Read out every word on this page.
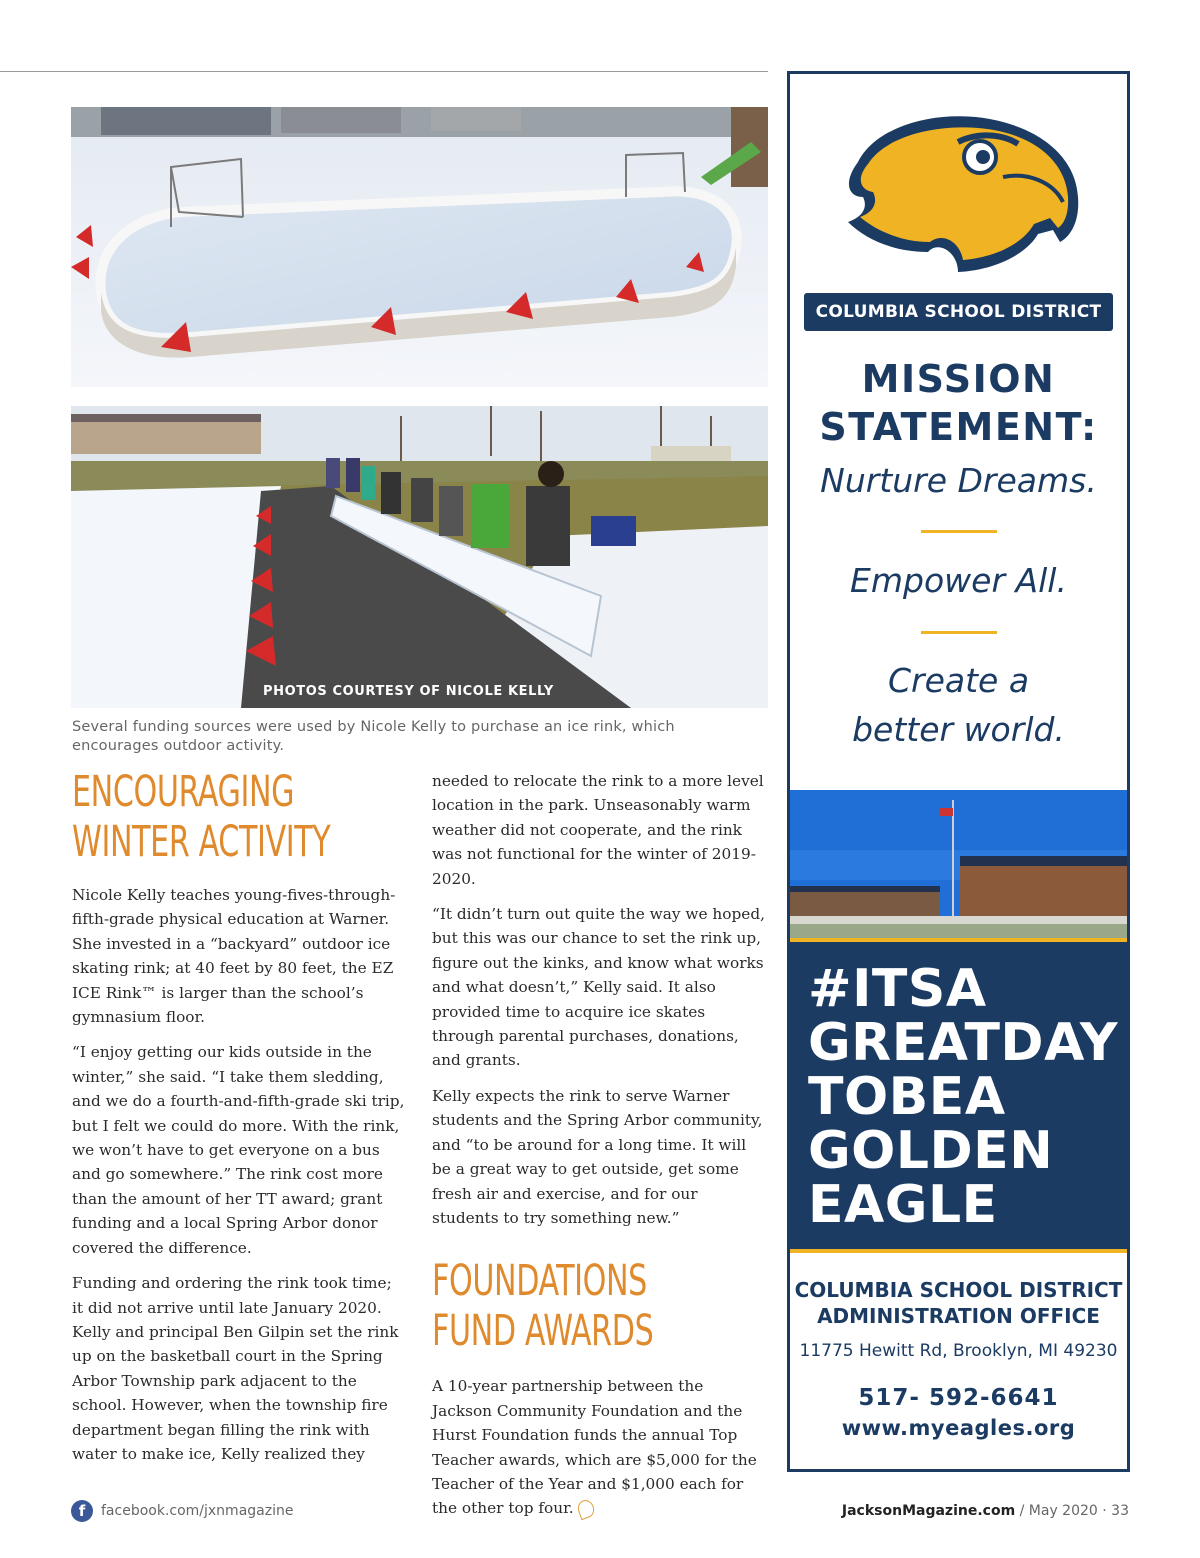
PHOTOS COURTESY OF NICOLE KELLY
Several funding sources were used by Nicole Kelly to purchase an ice rink, which encourages outdoor activity.
ENCOURAGING
WINTER ACTIVITY

Nicole Kelly teaches young-fives-through-fifth-grade physical education at Warner. She invested in a “backyard” outdoor ice skating rink; at 40 feet by 80 feet, the EZ ICE Rink™ is larger than the school’s gymnasium floor.

“I enjoy getting our kids outside in the winter,” she said. “I take them sledding, and we do a fourth-and-fifth-grade ski trip, but I felt we could do more. With the rink, we won’t have to get everyone on a bus and go somewhere.” The rink cost more than the amount of her TT award; grant funding and a local Spring Arbor donor covered the difference.

Funding and ordering the rink took time; it did not arrive until late January 2020. Kelly and principal Ben Gilpin set the rink up on the basketball court in the Spring Arbor Township park adjacent to the school. However, when the township fire department began filling the rink with water to make ice, Kelly realized they

needed to relocate the rink to a more level location in the park. Unseasonably warm weather did not cooperate, and the rink was not functional for the winter of 2019-2020.

“It didn’t turn out quite the way we hoped, but this was our chance to set the rink up, figure out the kinks, and know what works and what doesn’t,” Kelly said. It also provided time to acquire ice skates through parental purchases, donations, and grants.

Kelly expects the rink to serve Warner students and the Spring Arbor community, and “to be around for a long time. It will be a great way to get outside, get some fresh air and exercise, and for our students to try something new.”

FOUNDATIONS
FUND AWARDS

A 10-year partnership between the Jackson Community Foundation and the Hurst Foundation funds the annual Top Teacher awards, which are $5,000 for the Teacher of the Year and $1,000 each for the other top four.

COLUMBIA SCHOOL DISTRICT
MISSION
STATEMENT:
Nurture Dreams.
Empower All.
Create a
better world.
#ITSA
GREATDAY
TOBEA
GOLDEN
EAGLE
COLUMBIA SCHOOL DISTRICT
ADMINISTRATION OFFICE
11775 Hewitt Rd, Brooklyn, MI 49230
517- 592-6641
www.myeagles.org
f	facebook.com/jxnmagazine	JacksonMagazine.com / May 2020 · 33
